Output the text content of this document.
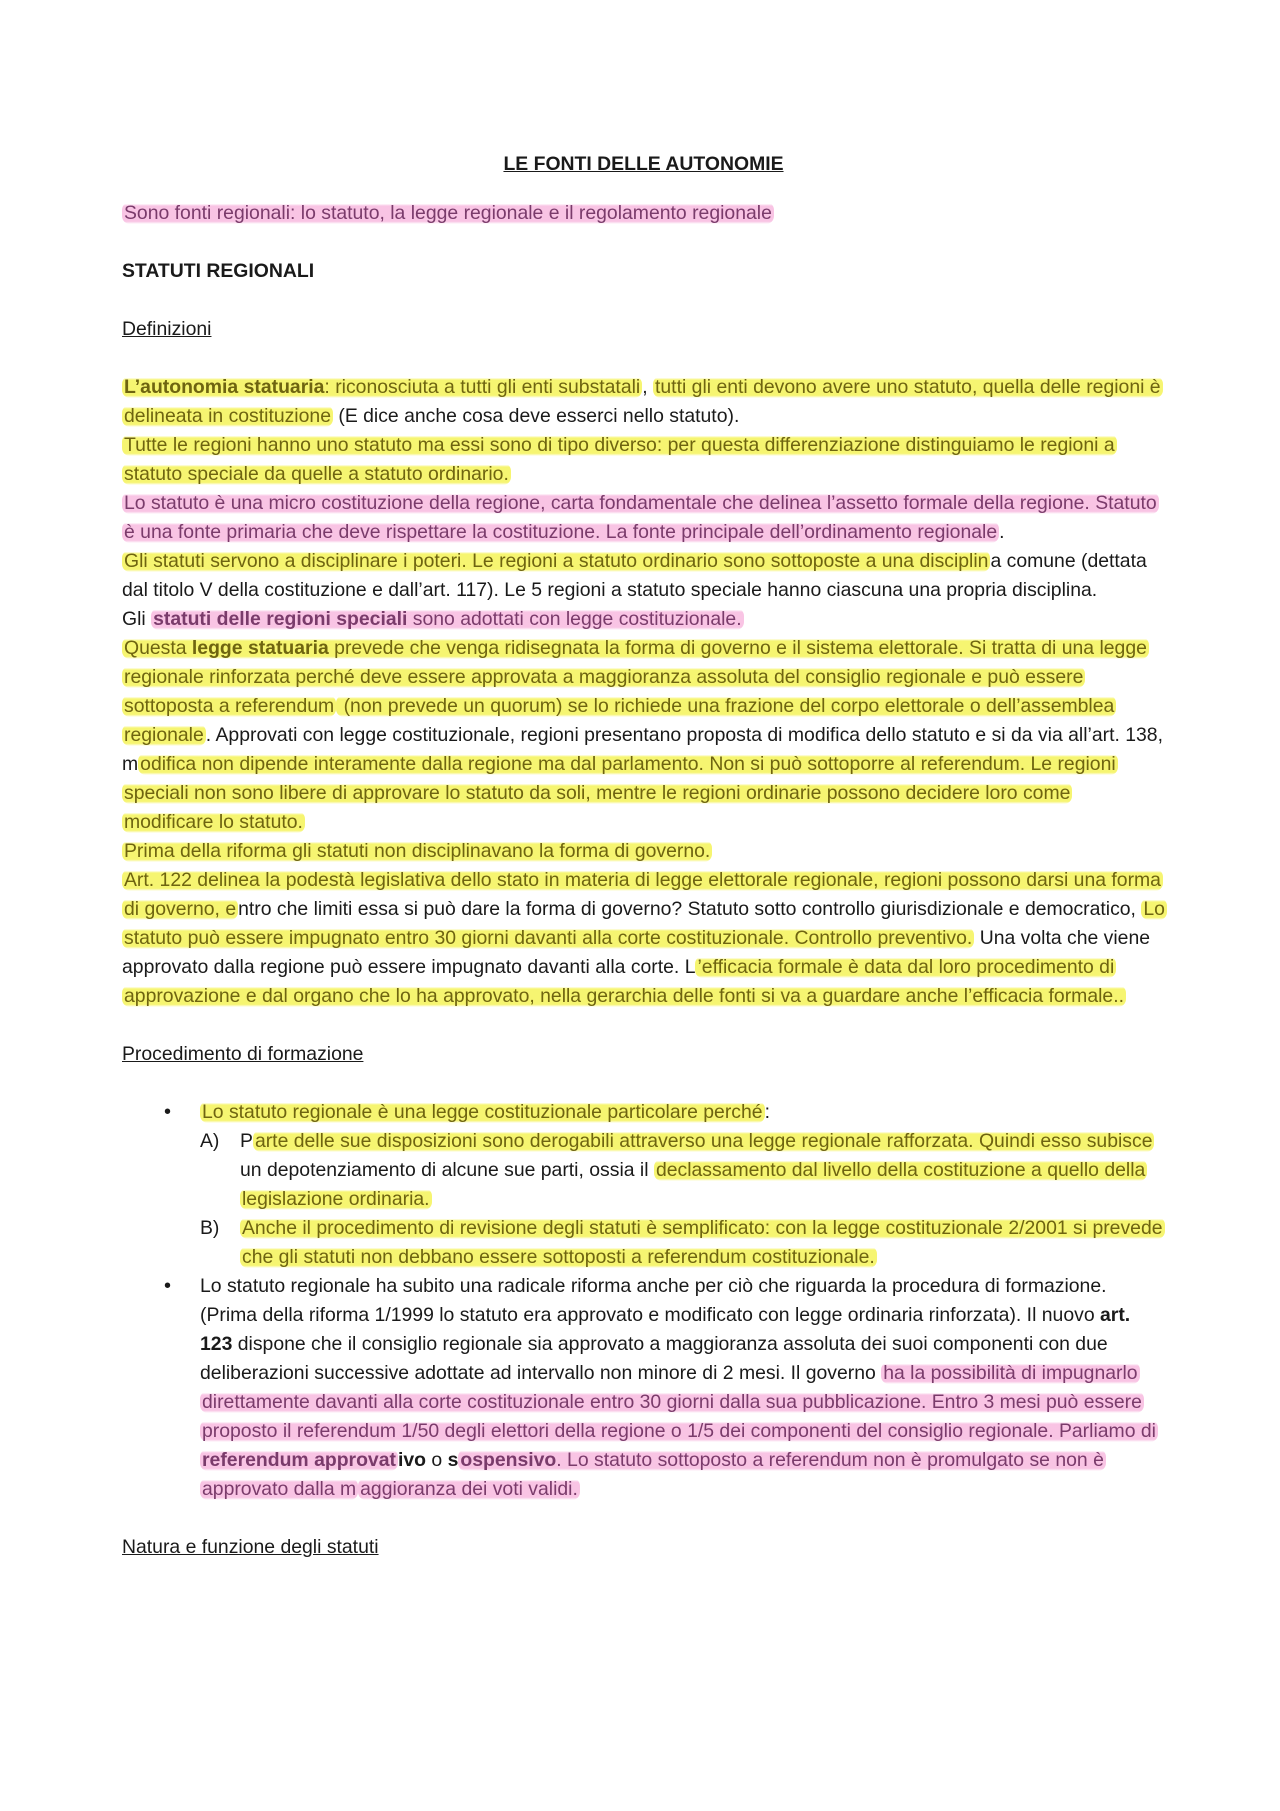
LE FONTI DELLE AUTONOMIE

Sono fonti regionali: lo statuto, la legge regionale e il regolamento regionale

STATUTI REGIONALI

Definizioni

L’autonomia statuaria: riconosciuta a tutti gli enti substatali , tutti gli enti devono avere uno statuto, quella delle regioni è delineata in costituzione (E dice anche cosa deve esserci nello statuto).

Tutte le regioni hanno uno statuto ma essi sono di tipo diverso: per questa differenziazione distinguiamo le regioni a statuto speciale da quelle a statuto ordinario.

Lo statuto è una micro costituzione della regione, carta fondamentale che delinea l’assetto formale della regione. Statuto è una fonte primaria che deve rispettare la costituzione. La fonte principale dell’ordinamento regionale .

Gli statuti servono a disciplinare i poteri. Le regioni a statuto ordinario sono sottoposte a una disciplin a comune (dettata dal titolo V della costituzione e dall’art. 117). Le 5 regioni a statuto speciale hanno ciascuna una propria disciplina.

Gli statuti delle regioni speciali sono adottati con legge costituzionale.

Questa legge statuaria prevede che venga ridisegnata la forma di governo e il sistema elettorale. Si tratta di una legge regionale rinforzata perché deve essere approvata a maggioranza assoluta del consiglio regionale e può essere sottoposta a referendum (non prevede un quorum) se lo richiede una frazione del corpo elettorale o dell’assemblea regionale . Approvati con legge costituzionale, regioni presentano proposta di modifica dello statuto e si da via all’art. 138, m odifica non dipende interamente dalla regione ma dal parlamento. Non si può sottoporre al referendum. Le regioni speciali non sono libere di approvare lo statuto da soli, mentre le regioni ordinarie possono decidere loro come modificare lo statuto.

Prima della riforma gli statuti non disciplinavano la forma di governo.

Art. 122 delinea la podestà legislativa dello stato in materia di legge elettorale regionale, regioni possono darsi una forma di governo, e ntro che limiti essa si può dare la forma di governo? Statuto sotto controllo giurisdizionale e democratico, Lo statuto può essere impugnato entro 30 giorni davanti alla corte costituzionale. Controllo preventivo. Una volta che viene approvato dalla regione può essere impugnato davanti alla corte. L ’efficacia formale è data dal loro procedimento di approvazione e dal organo che lo ha approvato, nella gerarchia delle fonti si va a guardare anche l’efficacia formale..

Procedimento di formazione

• Lo statuto regionale è una legge costituzionale particolare perché :
A) P arte delle sue disposizioni sono derogabili attraverso una legge regionale rafforzata. Quindi esso subisce un depotenziamento di alcune sue parti, ossia il declassamento dal livello della costituzione a quello della legislazione ordinaria.
B) Anche il procedimento di revisione degli statuti è semplificato: con la legge costituzionale 2/2001 si prevede che gli statuti non debbano essere sottoposti a referendum costituzionale.
• Lo statuto regionale ha subito una radicale riforma anche per ciò che riguarda la procedura di formazione. (Prima della riforma 1/1999 lo statuto era approvato e modificato con legge ordinaria rinforzata). Il nuovo art. 123 dispone che il consiglio regionale sia approvato a maggioranza assoluta dei suoi componenti con due deliberazioni successive adottate ad intervallo non minore di 2 mesi. Il governo ha la possibilità di impugnarlo direttamente davanti alla corte costituzionale entro 30 giorni dalla sua pubblicazione. Entro 3 mesi può essere proposto il referendum 1/50 degli elettori della regione o 1/5 dei componenti del consiglio regionale. Parliamo di referendum approvat ivo o s ospensivo. Lo statuto sottoposto a referendum non è promulgato se non è approvato dalla m aggioranza dei voti validi.

Natura e funzione degli statuti
